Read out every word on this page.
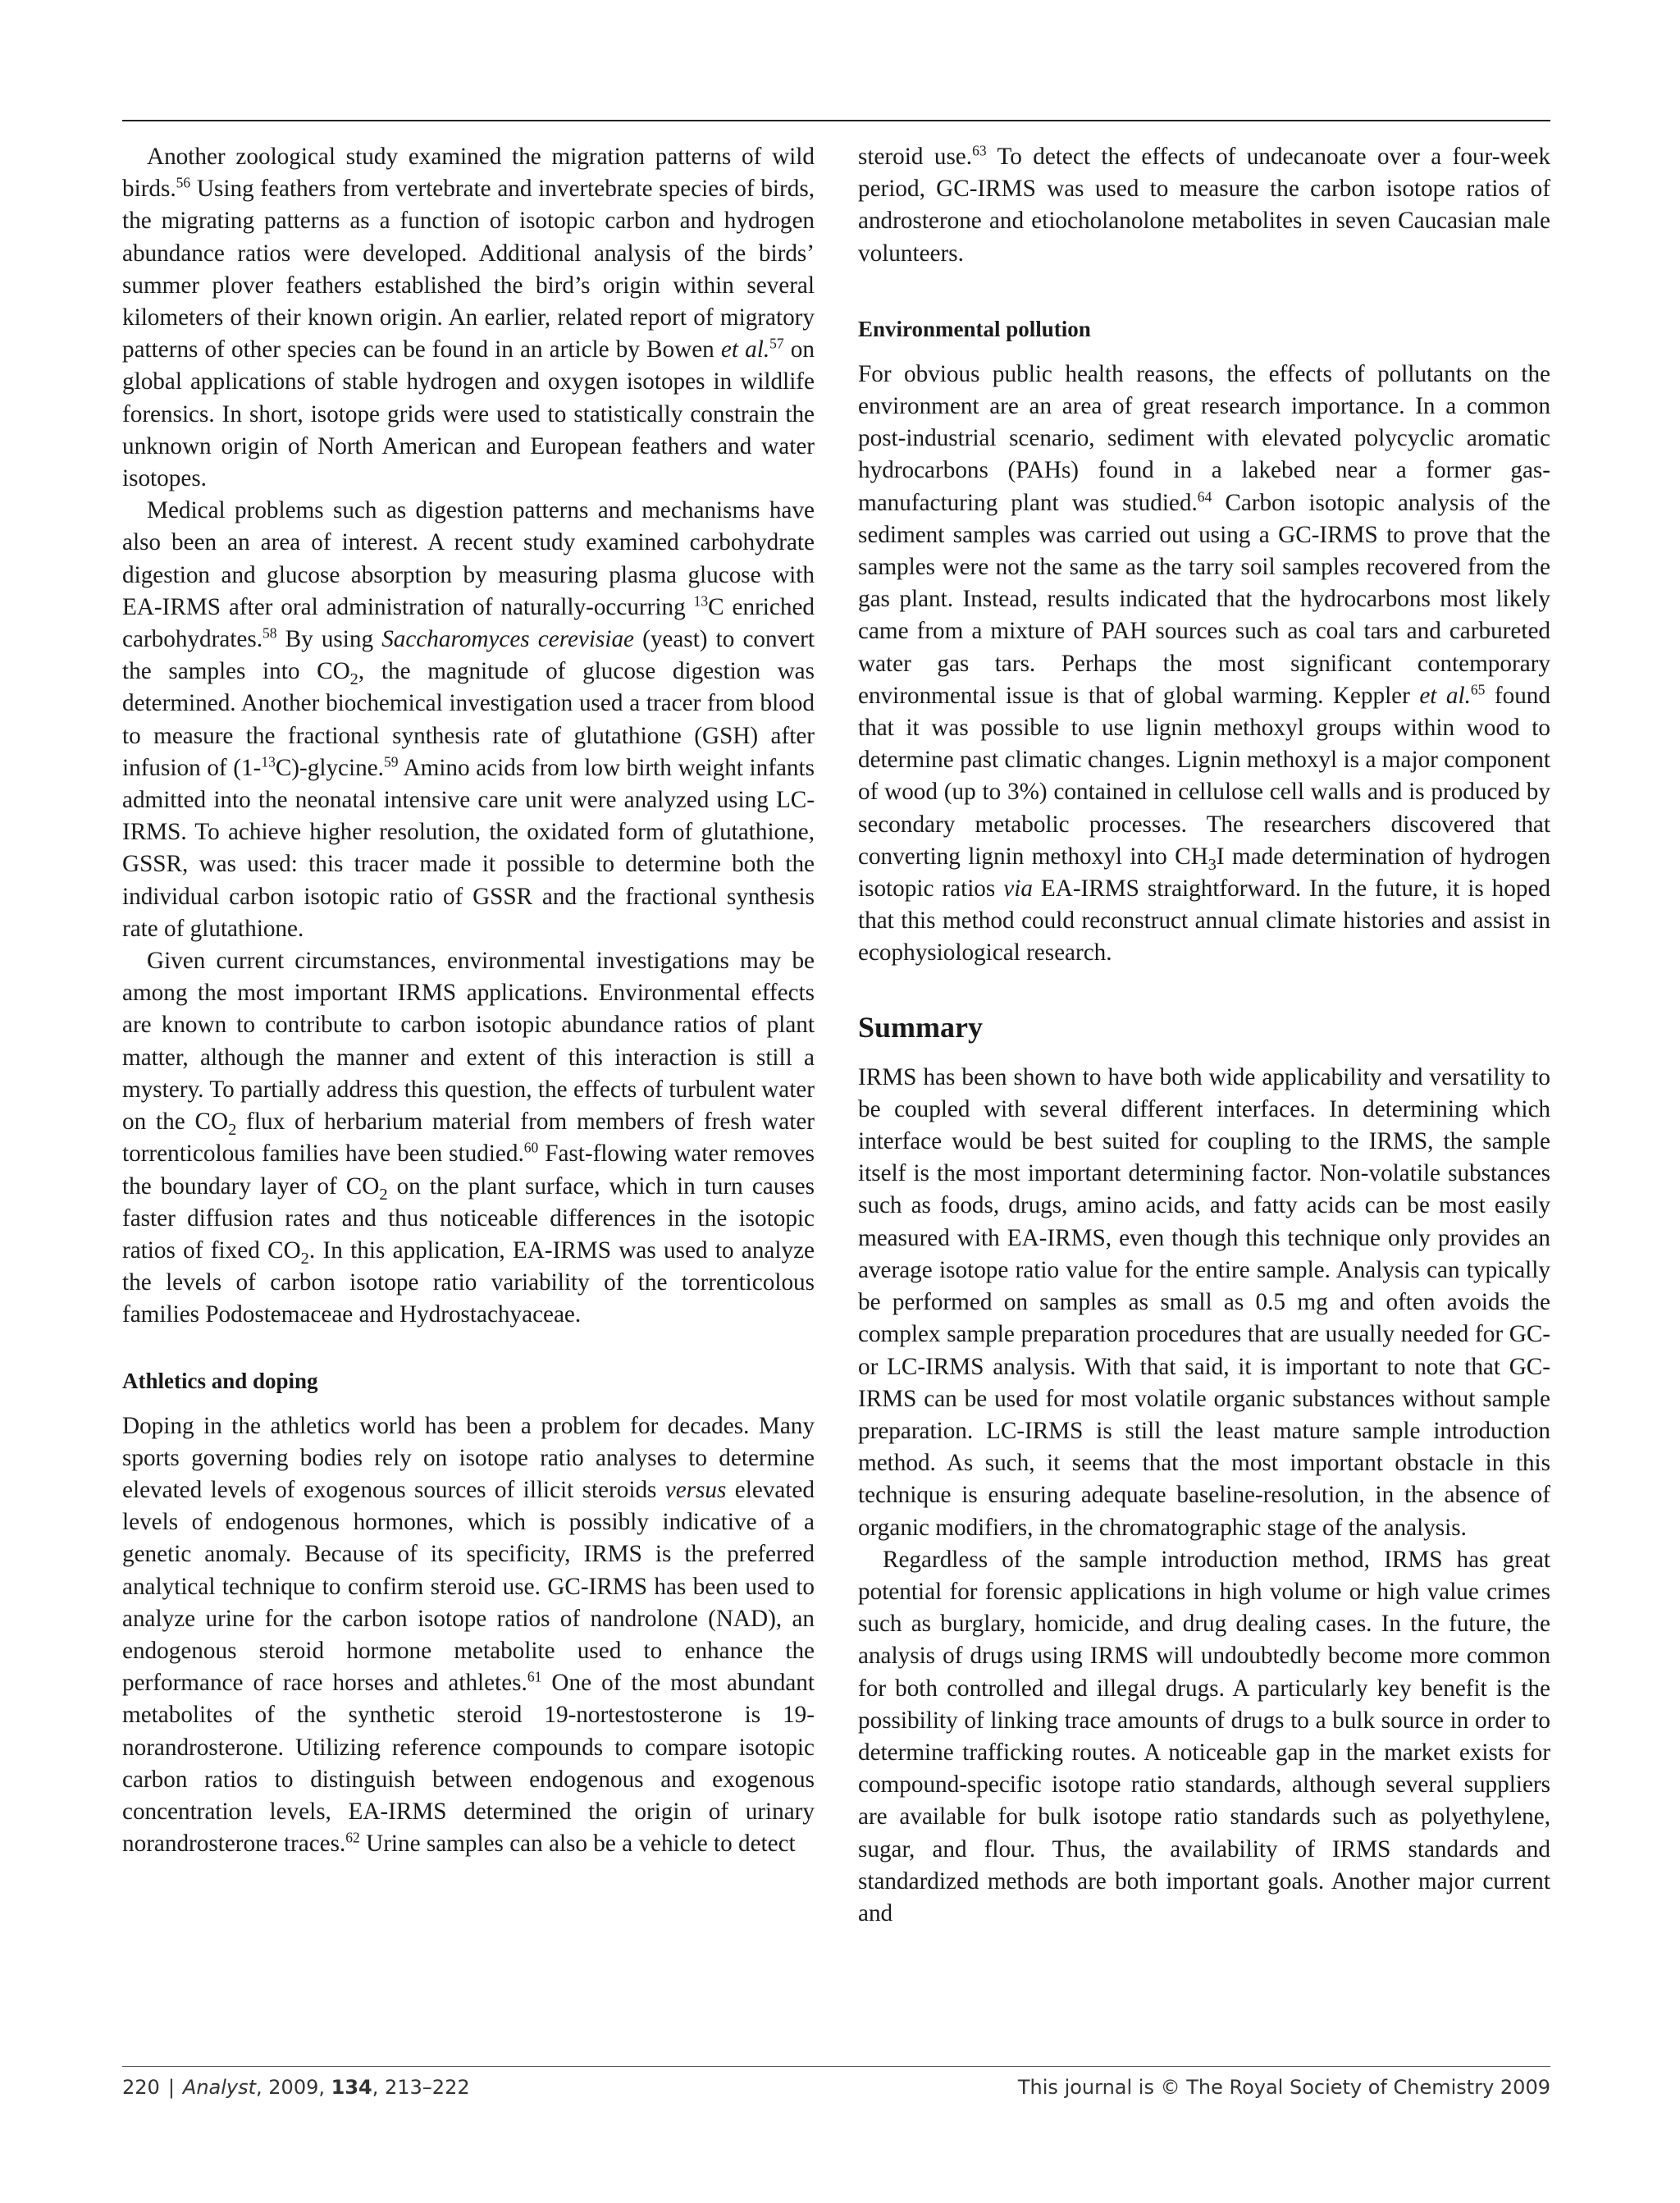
Another zoological study examined the migration patterns of wild birds.$^{56}$ Using feathers from vertebrate and invertebrate species of birds, the migrating patterns as a function of isotopic carbon and hydrogen abundance ratios were developed. Additional analysis of the birds’ summer plover feathers established the bird’s origin within several kilometers of their known origin. An earlier, related report of migratory patterns of other species can be found in an article by Bowen et al.$^{57}$ on global applications of stable hydrogen and oxygen isotopes in wildlife forensics. In short, isotope grids were used to statistically constrain the unknown origin of North American and European feathers and water isotopes.

Medical problems such as digestion patterns and mechanisms have also been an area of interest. A recent study examined carbohydrate digestion and glucose absorption by measuring plasma glucose with EA-IRMS after oral administration of naturally-occurring $^{13}$C enriched carbohydrates.$^{58}$ By using Saccharomyces cerevisiae (yeast) to convert the samples into $CO_2$, the magnitude of glucose digestion was determined. Another biochemical investigation used a tracer from blood to measure the fractional synthesis rate of glutathione (GSH) after infusion of (1-$^{13}$C)-glycine.$^{59}$ Amino acids from low birth weight infants admitted into the neonatal intensive care unit were analyzed using LC-IRMS. To achieve higher resolution, the oxidated form of glutathione, GSSR, was used: this tracer made it possible to determine both the individual carbon isotopic ratio of GSSR and the fractional synthesis rate of glutathione.

Given current circumstances, environmental investigations may be among the most important IRMS applications. Environmental effects are known to contribute to carbon isotopic abundance ratios of plant matter, although the manner and extent of this interaction is still a mystery. To partially address this question, the effects of turbulent water on the $CO_2$ flux of herbarium material from members of fresh water torrenticolous families have been studied.$^{60}$ Fast-flowing water removes the boundary layer of $CO_2$ on the plant surface, which in turn causes faster diffusion rates and thus noticeable differences in the isotopic ratios of fixed $CO_2$. In this application, EA-IRMS was used to analyze the levels of carbon isotope ratio variability of the torrenticolous families Podostemaceae and Hydrostachyaceae.

Athletics and doping

Doping in the athletics world has been a problem for decades. Many sports governing bodies rely on isotope ratio analyses to determine elevated levels of exogenous sources of illicit steroids versus elevated levels of endogenous hormones, which is possibly indicative of a genetic anomaly. Because of its specificity, IRMS is the preferred analytical technique to confirm steroid use. GC-IRMS has been used to analyze urine for the carbon isotope ratios of nandrolone (NAD), an endogenous steroid hormone metabolite used to enhance the performance of race horses and athletes.$^{61}$ One of the most abundant metabolites of the synthetic steroid 19-nortestosterone is 19-norandrosterone. Utilizing reference compounds to compare isotopic carbon ratios to distinguish between endogenous and exogenous concentration levels, EA-IRMS determined the origin of urinary norandrosterone traces.$^{62}$ Urine samples can also be a vehicle to detect

steroid use.$^{63}$ To detect the effects of undecanoate over a four-week period, GC-IRMS was used to measure the carbon isotope ratios of androsterone and etiocholanolone metabolites in seven Caucasian male volunteers.

Environmental pollution

For obvious public health reasons, the effects of pollutants on the environment are an area of great research importance. In a common post-industrial scenario, sediment with elevated polycyclic aromatic hydrocarbons (PAHs) found in a lakebed near a former gas-manufacturing plant was studied.$^{64}$ Carbon isotopic analysis of the sediment samples was carried out using a GC-IRMS to prove that the samples were not the same as the tarry soil samples recovered from the gas plant. Instead, results indicated that the hydrocarbons most likely came from a mixture of PAH sources such as coal tars and carbureted water gas tars. Perhaps the most significant contemporary environmental issue is that of global warming. Keppler et al.$^{65}$ found that it was possible to use lignin methoxyl groups within wood to determine past climatic changes. Lignin methoxyl is a major component of wood (up to 3%) contained in cellulose cell walls and is produced by secondary metabolic processes. The researchers discovered that converting lignin methoxyl into $CH_3I$ made determination of hydrogen isotopic ratios via EA-IRMS straightforward. In the future, it is hoped that this method could reconstruct annual climate histories and assist in ecophysiological research.

Summary

IRMS has been shown to have both wide applicability and versatility to be coupled with several different interfaces. In determining which interface would be best suited for coupling to the IRMS, the sample itself is the most important determining factor. Non-volatile substances such as foods, drugs, amino acids, and fatty acids can be most easily measured with EA-IRMS, even though this technique only provides an average isotope ratio value for the entire sample. Analysis can typically be performed on samples as small as 0.5 mg and often avoids the complex sample preparation procedures that are usually needed for GC- or LC-IRMS analysis. With that said, it is important to note that GC-IRMS can be used for most volatile organic substances without sample preparation. LC-IRMS is still the least mature sample introduction method. As such, it seems that the most important obstacle in this technique is ensuring adequate baseline-resolution, in the absence of organic modifiers, in the chromatographic stage of the analysis.

Regardless of the sample introduction method, IRMS has great potential for forensic applications in high volume or high value crimes such as burglary, homicide, and drug dealing cases. In the future, the analysis of drugs using IRMS will undoubtedly become more common for both controlled and illegal drugs. A particularly key benefit is the possibility of linking trace amounts of drugs to a bulk source in order to determine trafficking routes. A noticeable gap in the market exists for compound-specific isotope ratio standards, although several suppliers are available for bulk isotope ratio standards such as polyethylene, sugar, and flour. Thus, the availability of IRMS standards and standardized methods are both important goals. Another major current and

220 | Analyst, 2009, 134, 213–222	This journal is © The Royal Society of Chemistry 2009
